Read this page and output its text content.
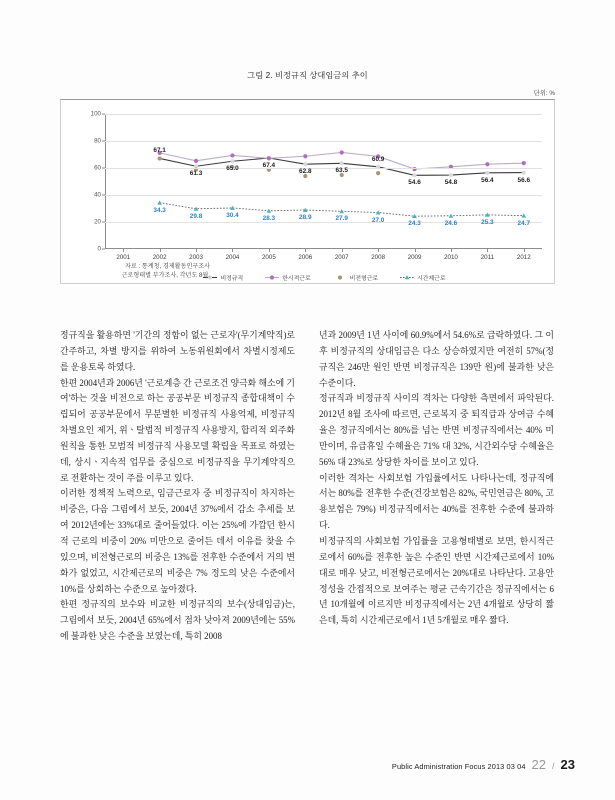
그림 2. 비정규직 상대임금의 추이
단위: %
0
20
40
60
80
100
2001	2002	2003	2004	2005	2006	2007	2008	2009	2010	2011	2012
67.1
61.3
65.0	67.4
62.8	63.5
60.9
54.6	54.8	56.4	56.6
34.3
29.8	30.4	28.3	28.9	27.9	27.0
24.3	24.6	25.3	24.7
비정규직	한시적근로	비전형근로	시간제근로
자료 : 통계청, 경제활동인구조사
근로형태별 부가조사, 각년도 8월.

정규직을 활용하면 '기간의 정함이 없는 근로자'(무기계약직)로 간주하고, 차별 방지를 위하여 노동위원회에서 차별시정제도를 운용토록 하였다.

한편 2004년과 2006년 '근로계층 간 근로조건 양극화 해소에 기여'하는 것을 비전으로 하는 공공부문 비정규직 종합대책이 수립되어 공공부문에서 무분별한 비정규직 사용억제, 비정규직 차별요인 제거, 위ㆍ탈법적 비정규직 사용방지, 합리적 외주화원칙을 통한 모범적 비정규직 사용모델 확립을 목표로 하였는데, 상시ㆍ지속적 업무를 중심으로 비정규직을 무기계약직으로 전환하는 것이 주를 이루고 있다.

이러한 정책적 노력으로, 임금근로자 중 비정규직이 차지하는 비중은, 다음 그림에서 보듯, 2004년 37%에서 감소 추세를 보여 2012년에는 33%대로 줄어들었다. 이는 25%에 가깝던 한시적 근로의 비중이 20% 미만으로 줄어든 데서 이유를 찾을 수 있으며, 비전형근로의 비중은 13%를 전후한 수준에서 거의 변화가 없었고, 시간제근로의 비중은 7% 정도의 낮은 수준에서 10%를 상회하는 수준으로 높아졌다.

한편 정규직의 보수와 비교한 비정규직의 보수(상대임금)는, 그림에서 보듯, 2004년 65%에서 점차 낮아져 2009년에는 55%에 불과한 낮은 수준을 보였는데, 특히 2008

년과 2009년 1년 사이에 60.9%에서 54.6%로 급락하였다. 그 이후 비정규직의 상대임금은 다소 상승하였지만 여전히 57%(정규직은 246만 원인 반면 비정규직은 139만 원)에 불과한 낮은 수준이다.

정규직과 비정규직 사이의 격차는 다양한 측면에서 파악된다. 2012년 8월 조사에 따르면, 근로복지 중 퇴직급과 상여금 수혜율은 정규직에서는 80%를 넘는 반면 비정규직에서는 40% 미만이며, 유급휴일 수혜율은 71% 대 32%, 시간외수당 수혜율은 56% 대 23%로 상당한 차이를 보이고 있다.

이러한 격차는 사회보험 가입률에서도 나타나는데, 정규직에서는 80%를 전후한 수준(건강보험은 82%, 국민연금은 80%, 고용보험은 79%) 비정규직에서는 40%를 전후한 수준에 불과하다.

비정규직의 사회보험 가입률을 고용형태별로 보면, 한시적근로에서 60%를 전후한 높은 수준인 반면 시간제근로에서 10%대로 매우 낮고, 비전형근로에서는 20%대로 나타난다. 고용안정성을 간접적으로 보여주는 평균 근속기간은 정규직에서는 6년 10개월에 이르지만 비정규직에서는 2년 4개월로 상당히 짧은데, 특히 시간제근로에서 1년 5개월로 매우 짧다.

Public Administration Focus 2013 03 04 22 / 23
